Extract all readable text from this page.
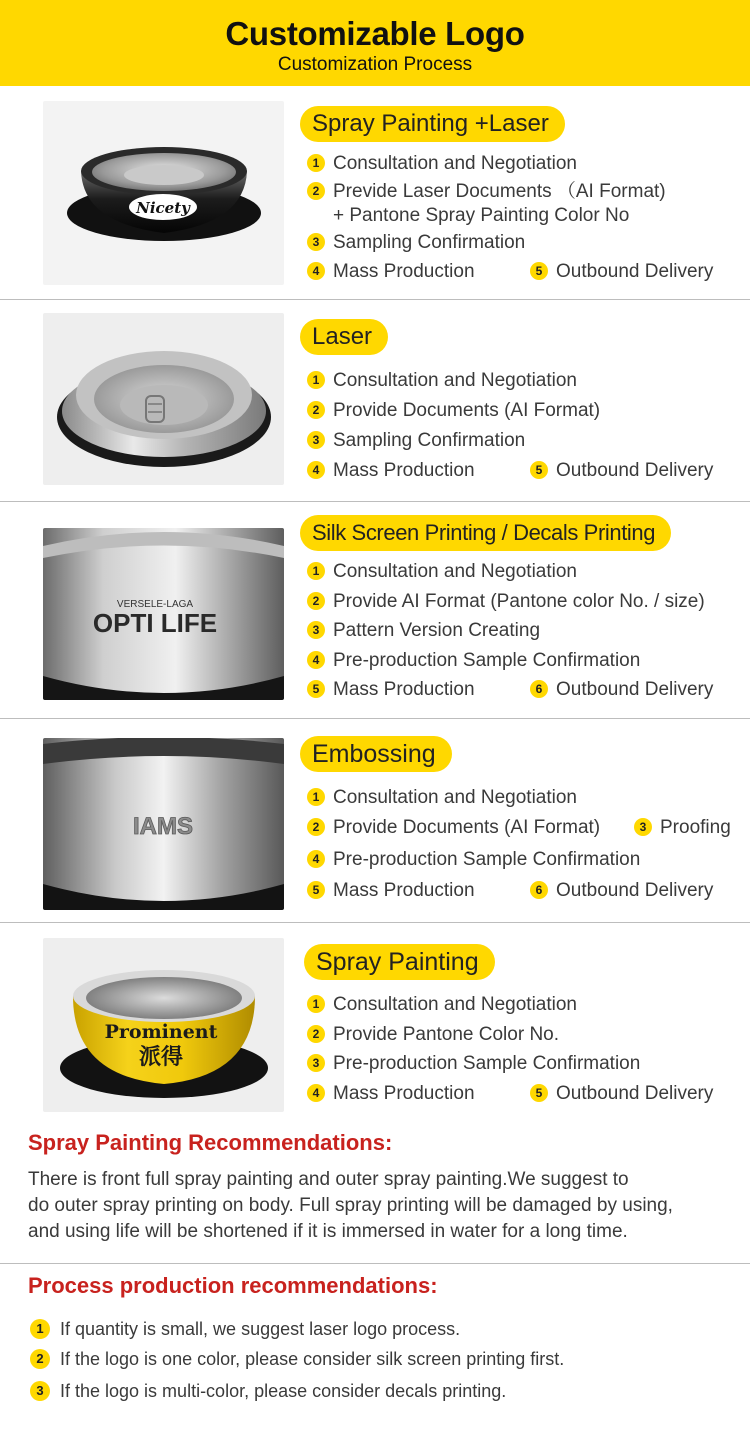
Customizable Logo
Customization Process
Nicety
Spray Painting +Laser
1 Consultation and Negotiation
2 Previde Laser Documents （AI Format)
+ Pantone Spray Painting Color No
3 Sampling Confirmation
4 Mass Production	5 Outbound Delivery
Laser
1 Consultation and Negotiation
2 Provide Documents (AI Format)
3 Sampling Confirmation
4 Mass Production	5 Outbound Delivery
VERSELE-LAGA
OPTI LIFE
Silk Screen Printing / Decals Printing
1 Consultation and Negotiation
2 Provide AI Format (Pantone color No. / size)
3 Pattern Version Creating
4 Pre-production Sample Confirmation
5 Mass Production	6 Outbound Delivery
IAMS
Embossing
1 Consultation and Negotiation
2 Provide Documents (AI Format)	3 Proofing
4 Pre-production Sample Confirmation
5 Mass Production	6 Outbound Delivery
Prominent
派得
Spray Painting
1 Consultation and Negotiation
2 Provide Pantone Color No.
3 Pre-production Sample Confirmation
4 Mass Production	5 Outbound Delivery
Spray Painting Recommendations:
There is front full spray painting and outer spray painting.We suggest to
do outer spray printing on body. Full spray printing will be damaged by using,
and using life will be shortened if it is immersed in water for a long time.
Process production recommendations:
1 If quantity is small, we suggest laser logo process.
2 If the logo is one color, please consider silk screen printing first.
3 If the logo is multi-color, please consider decals printing.
